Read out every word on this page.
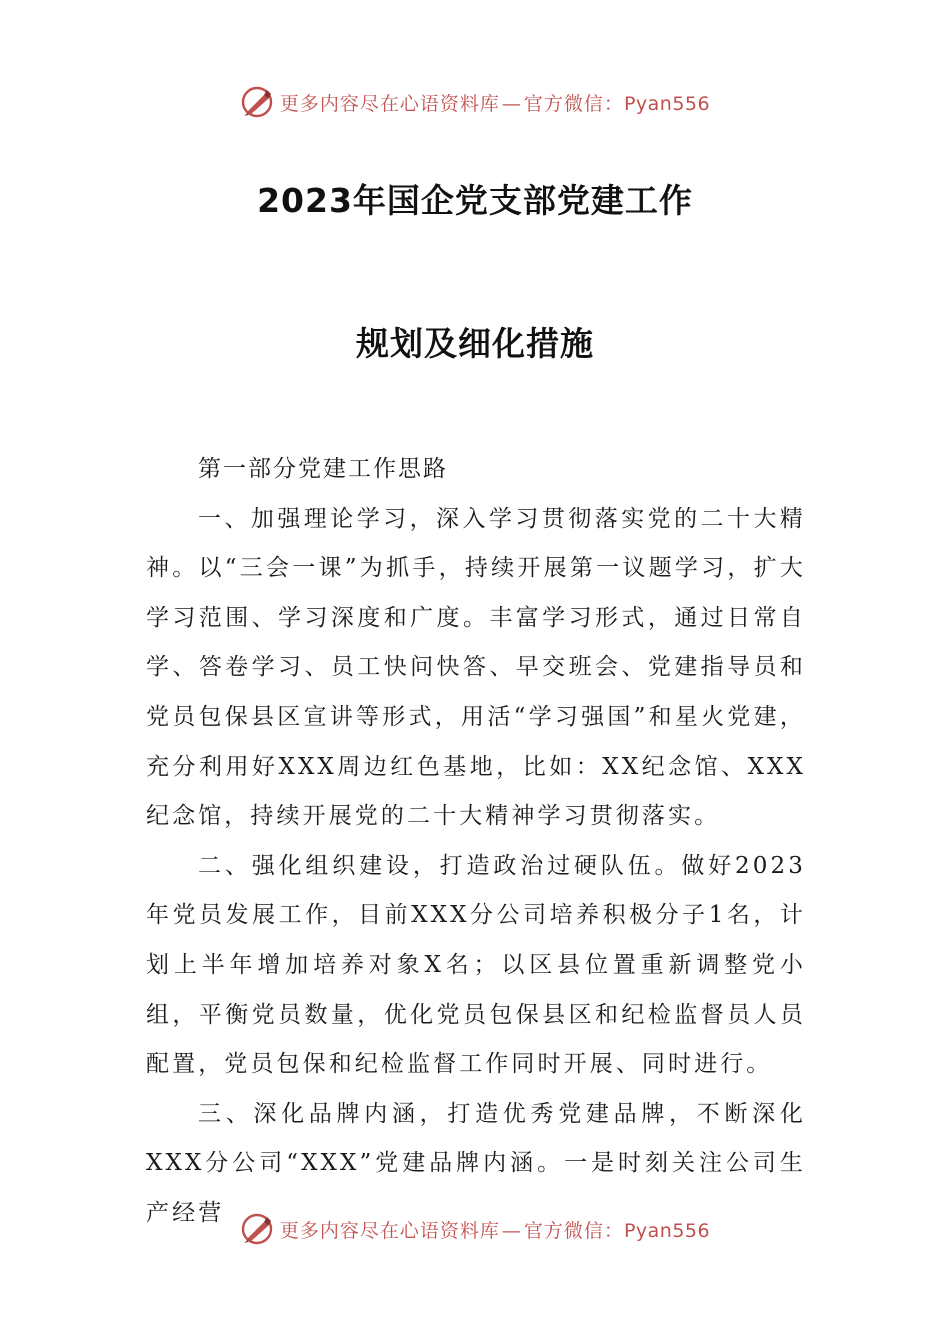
更多内容尽在心语资料库 — 官方微信：Pyan556
2023年国企党支部党建工作
规划及细化措施

第一部分党建工作思路

一、加强理论学习，深入学习贯彻落实党的二十大精神。以“三会一课”为抓手，持续开展第一议题学习，扩大学习范围、学习深度和广度。丰富学习形式，通过日常自学、答卷学习、员工快问快答、早交班会、党建指导员和党员包保县区宣讲等形式，用活“学习强国”和星火党建，充分利用好XXX周边红色基地，比如：XX纪念馆、XXX纪念馆，持续开展党的二十大精神学习贯彻落实。

二、强化组织建设，打造政治过硬队伍。做好2023年党员发展工作，目前XXX分公司培养积极分子1名，计划上半年增加培养对象X名；以区县位置重新调整党小组，平衡党员数量，优化党员包保县区和纪检监督员人员配置，党员包保和纪检监督工作同时开展、同时进行。

三、深化品牌内涵，打造优秀党建品牌，不断深化XXX分公司“XXX”党建品牌内涵。一是时刻关注公司生产经营

更多内容尽在心语资料库 — 官方微信：Pyan556
